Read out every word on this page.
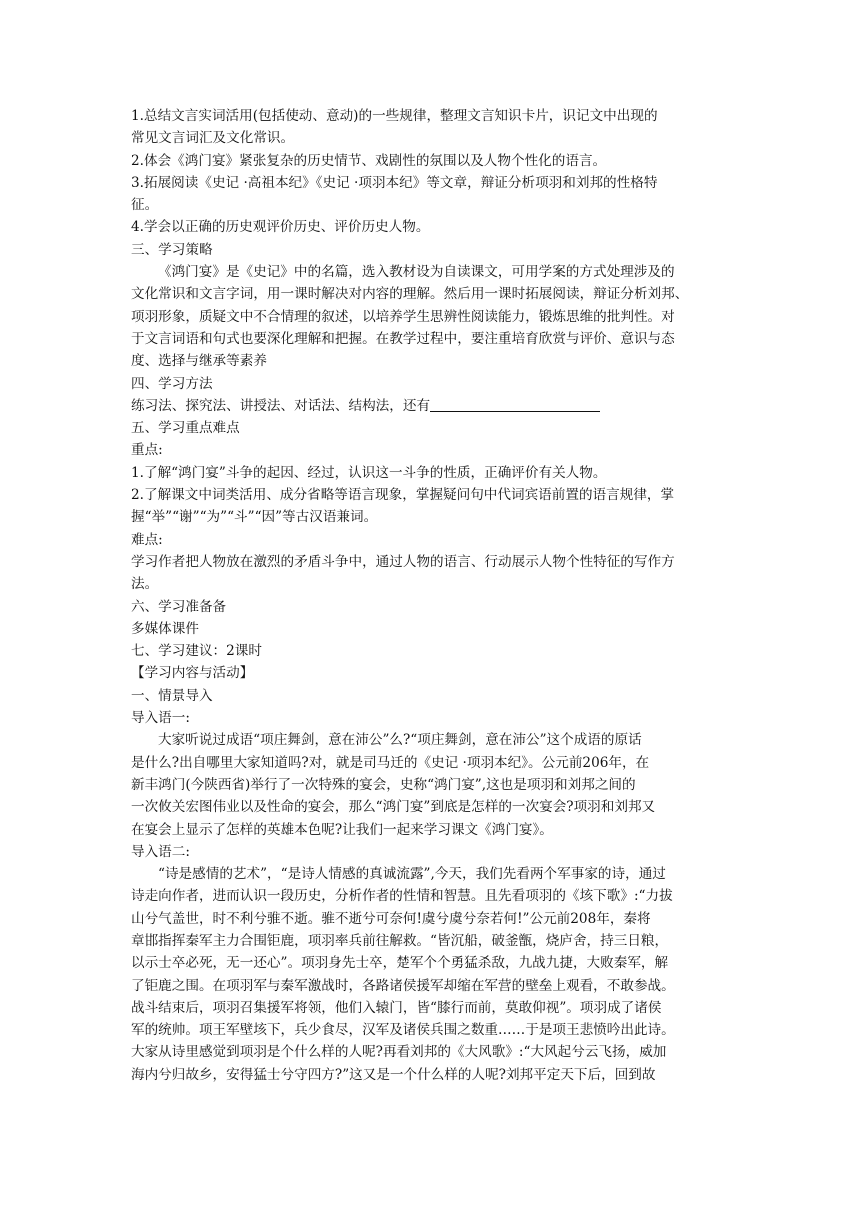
1.总结文言实词活用(包括使动、意动)的一些规律，整理文言知识卡片，识记文中出现的
常见文言词汇及文化常识。
2.体会《鸿门宴》紧张复杂的历史情节、戏剧性的氛围以及人物个性化的语言。
3.拓展阅读《史记 ·高祖本纪》《史记 ·项羽本纪》等文章，辩证分析项羽和刘邦的性格特
征。
4.学会以正确的历史观评价历史、评价历史人物。
三、学习策略
《鸿门宴》是《史记》中的名篇，选入教材设为自读课文，可用学案的方式处理涉及的
文化常识和文言字词，用一课时解决对内容的理解。然后用一课时拓展阅读，辩证分析刘邦、
项羽形象，质疑文中不合情理的叙述，以培养学生思辨性阅读能力，锻炼思维的批判性。对
于文言词语和句式也要深化理解和把握。在教学过程中，要注重培育欣赏与评价、意识与态
度、选择与继承等素养
四、学习方法
练习法、探究法、讲授法、对话法、结构法，还有
五、学习重点难点
重点:
1.了解“鸿门宴”斗争的起因、经过，认识这一斗争的性质，正确评价有关人物。
2.了解课文中词类活用、成分省略等语言现象，掌握疑问句中代词宾语前置的语言规律，掌
握“举”“谢”“为”“斗”“因”等古汉语兼词。
难点:
学习作者把人物放在激烈的矛盾斗争中，通过人物的语言、行动展示人物个性特征的写作方
法。
六、学习准备备
多媒体课件
七、学习建议：2课时
【学习内容与活动】
一、情景导入
导入语一:
大家听说过成语“项庄舞剑，意在沛公”么?“项庄舞剑，意在沛公”这个成语的原话
是什么?出自哪里大家知道吗?对，就是司马迁的《史记 ·项羽本纪》。公元前206年，在
新丰鸿门(今陕西省)举行了一次特殊的宴会，史称“鸿门宴”,这也是项羽和刘邦之间的
一次攸关宏图伟业以及性命的宴会，那么“鸿门宴”到底是怎样的一次宴会?项羽和刘邦又
在宴会上显示了怎样的英雄本色呢?让我们一起来学习课文《鸿门宴》。
导入语二:
“诗是感情的艺术”，“是诗人情感的真诚流露”,今天，我们先看两个军事家的诗，通过
诗走向作者，进而认识一段历史，分析作者的性情和智慧。且先看项羽的《垓下歌》:“力拔
山兮气盖世，时不利兮骓不逝。骓不逝兮可奈何!虞兮虞兮奈若何!”公元前208年，秦将
章邯指挥秦军主力合围钜鹿，项羽率兵前往解救。“皆沉船，破釜甑，烧庐舍，持三日粮，
以示士卒必死，无一还心”。项羽身先士卒，楚军个个勇猛杀敌，九战九捷，大败秦军，解
了钜鹿之围。在项羽军与秦军激战时，各路诸侯援军却缩在军营的壁垒上观看，不敢参战。
战斗结束后，项羽召集援军将领，他们入辕门，皆“膝行而前，莫敢仰视”。项羽成了诸侯
军的统帅。项王军壁垓下，兵少食尽，汉军及诸侯兵围之数重……于是项王悲愤吟出此诗。
大家从诗里感觉到项羽是个什么样的人呢?再看刘邦的《大风歌》:“大风起兮云飞扬，威加
海内兮归故乡，安得猛士兮守四方?”这又是一个什么样的人呢?刘邦平定天下后，回到故
